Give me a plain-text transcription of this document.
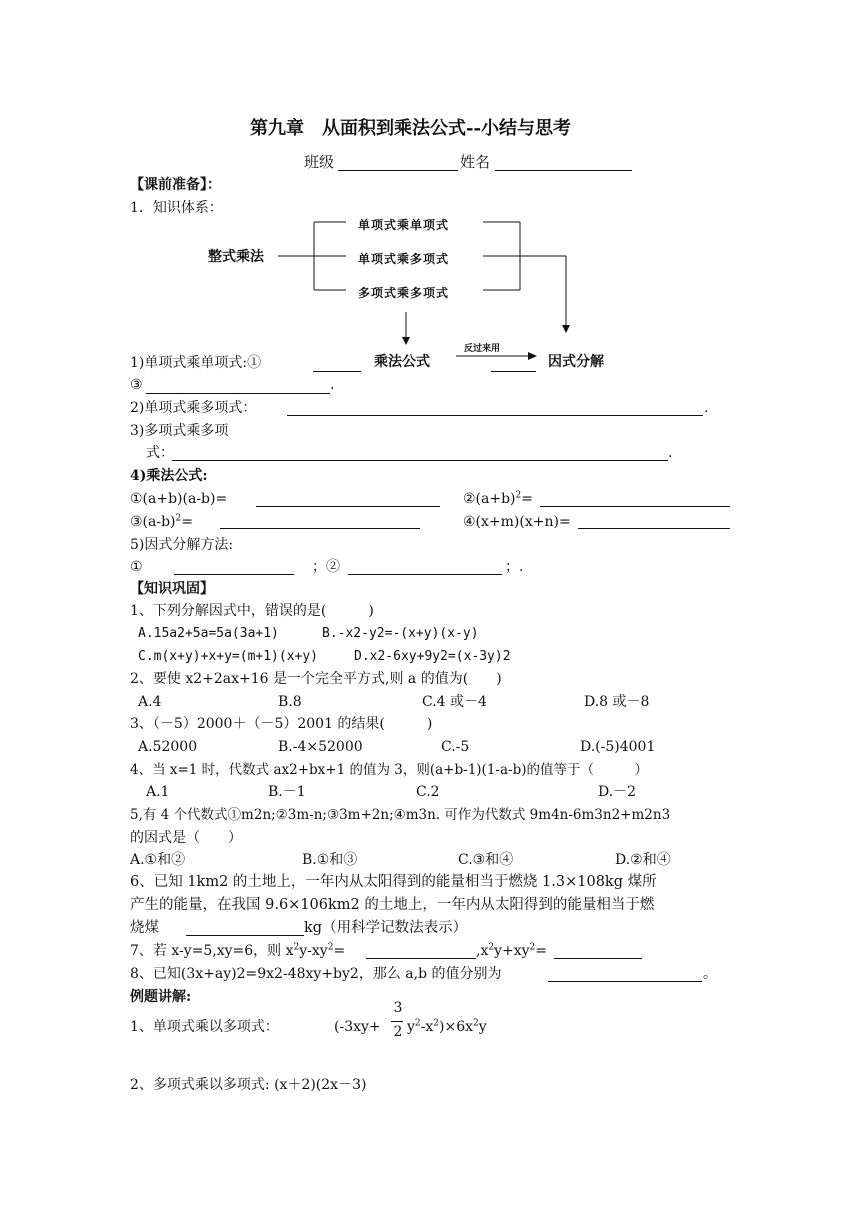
第九章　从面积到乘法公式--小结与思考
班级	姓名
【课前准备】：
1．知识体系：
整式乘法
单项式乘单项式
单项式乘多项式
多项式乘多项式
乘法公式
反过来用
因式分解
1)单项式乘单项式:①
③	.
2)单项式乘多项式：	.
3)多项式乘多项
式：	.
4)乘法公式:
①(a+b)(a-b)=	$②(a+b)^2=$
$③(a-b)^2=$	④(x+m)(x+n)=
5)因式分解方法:
①	；②	；.
【知识巩固】
1、下列分解因式中，错误的是(　　　)
A.15a2+5a=5a(3a+1)	B.-x2-y2=-(x+y)(x-y)
C.m(x+y)+x+y=(m+1)(x+y)	D.x2-6xy+9y2=(x-3y)2
2、要使 x2+2ax+16 是一个完全平方式,则 a 的值为(　　)
A.4	B.8	C.4 或－4	D.8 或－8
3、（－5）2000＋（－5）2001 的结果(　　　)
A.52000	B.-4×52000	C.-5	D.(-5)4001
4、当 x=1 时，代数式 ax2+bx+1 的值为 3，则(a+b-1)(1-a-b)的值等于（　　　）
A.1	B.－1	C.2	D.－2
5,有 4 个代数式①m2n;②3m-n;③3m+2n;④m3n. 可作为代数式 9m4n-6m3n2+m2n3
的因式是（　　）
A.①和②	B.①和③	C.③和④	D.②和④
6、已知 1km2 的土地上，一年内从太阳得到的能量相当于燃烧 1.3×108kg 煤所
产生的能量，在我国 9.6×106km2 的土地上，一年内从太阳得到的能量相当于燃
烧煤	kg（用科学记数法表示）
7、若 x-y=5,xy=6，则 $x^2y-xy^2=$	$,x^2y+xy^2=$
8、已知(3x+ay)2=9x2-48xy+by2，那么 a,b 的值分别为	。
例题讲解:
1、单项式乘以多项式：	(-3xy+
3
2 $y^2-x^2)\times 6x^2y$
2、多项式乘以多项式: (x＋2)(2x－3)
